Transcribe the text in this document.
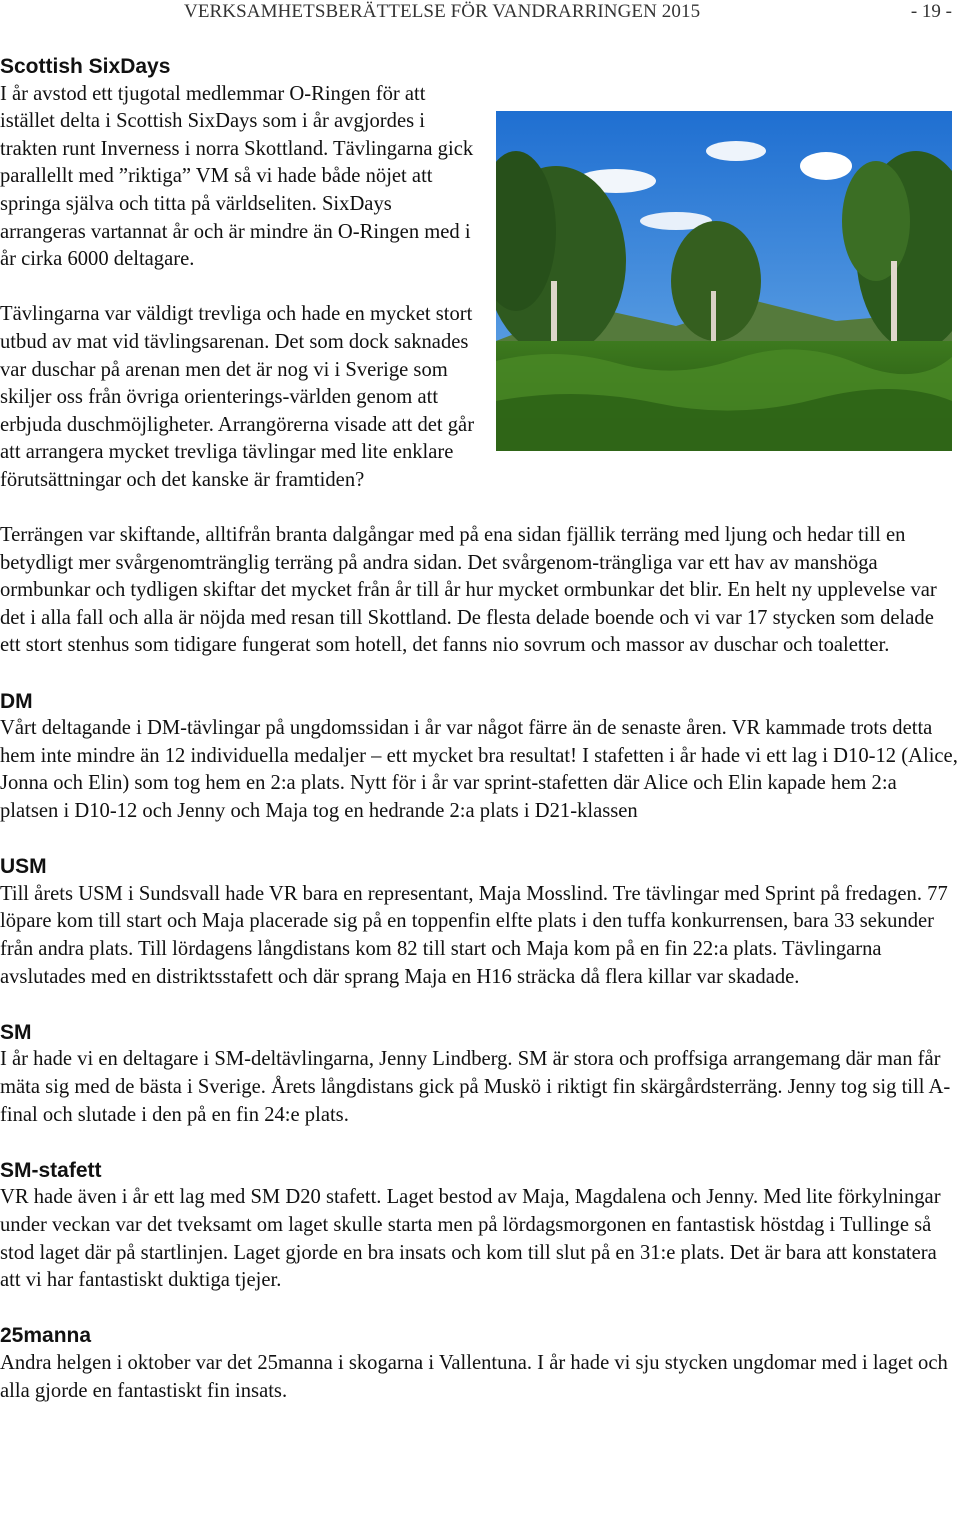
VERKSAMHETSBERÄTTELSE FÖR VANDRARRINGEN 2015	- 19 -
Scottish SixDays

I år avstod ett tjugotal medlemmar O-Ringen för att istället delta i Scottish SixDays som i år avgjordes i trakten runt Inverness i norra Skottland. Tävlingarna gick parallellt med ”riktiga” VM så vi hade både nöjet att springa själva och titta på världseliten. SixDays arrangeras vartannat år och är mindre än O-Ringen med i år cirka 6000 deltagare.

Tävlingarna var väldigt trevliga och hade en mycket stort utbud av mat vid tävlingsarenan. Det som dock saknades var duschar på arenan men det är nog vi i Sverige som skiljer oss från övriga orienterings-världen genom att erbjuda duschmöjligheter. Arrangörerna visade att det går att arrangera mycket trevliga tävlingar med lite enklare förutsättningar och det kanske är framtiden?

Terrängen var skiftande, alltifrån branta dalgångar med på ena sidan fjällik terräng med ljung och hedar till en betydligt mer svårgenomtränglig terräng på andra sidan. Det svårgenom-trängliga var ett hav av manshöga ormbunkar och tydligen skiftar det mycket från år till år hur mycket ormbunkar det blir. En helt ny upplevelse var det i alla fall och alla är nöjda med resan till Skottland. De flesta delade boende och vi var 17 stycken som delade ett stort stenhus som tidigare fungerat som hotell, det fanns nio sovrum och massor av duschar och toaletter.

DM

Vårt deltagande i DM-tävlingar på ungdomssidan i år var något färre än de senaste åren. VR kammade trots detta hem inte mindre än 12 individuella medaljer – ett mycket bra resultat! I stafetten i år hade vi ett lag i D10-12 (Alice, Jonna och Elin) som tog hem en 2:a plats. Nytt för i år var sprint-stafetten där Alice och Elin kapade hem 2:a platsen i D10-12 och Jenny och Maja tog en hedrande 2:a plats i D21-klassen

USM

Till årets USM i Sundsvall hade VR bara en representant, Maja Mosslind. Tre tävlingar med Sprint på fredagen. 77 löpare kom till start och Maja placerade sig på en toppenfin elfte plats i den tuffa konkurrensen, bara 33 sekunder från andra plats. Till lördagens långdistans kom 82 till start och Maja kom på en fin 22:a plats. Tävlingarna avslutades med en distriktsstafett och där sprang Maja en H16 sträcka då flera killar var skadade.

SM

I år hade vi en deltagare i SM-deltävlingarna, Jenny Lindberg. SM är stora och proffsiga arrangemang där man får mäta sig med de bästa i Sverige. Årets långdistans gick på Muskö i riktigt fin skärgårdsterräng. Jenny tog sig till A-final och slutade i den på en fin 24:e plats.

SM-stafett

VR hade även i år ett lag med SM D20 stafett. Laget bestod av Maja, Magdalena och Jenny. Med lite förkylningar under veckan var det tveksamt om laget skulle starta men på lördagsmorgonen en fantastisk höstdag i Tullinge så stod laget där på startlinjen. Laget gjorde en bra insats och kom till slut på en 31:e plats. Det är bara att konstatera att vi har fantastiskt duktiga tjejer.

25manna

Andra helgen i oktober var det 25manna i skogarna i Vallentuna. I år hade vi sju stycken ungdomar med i laget och alla gjorde en fantastiskt fin insats.
